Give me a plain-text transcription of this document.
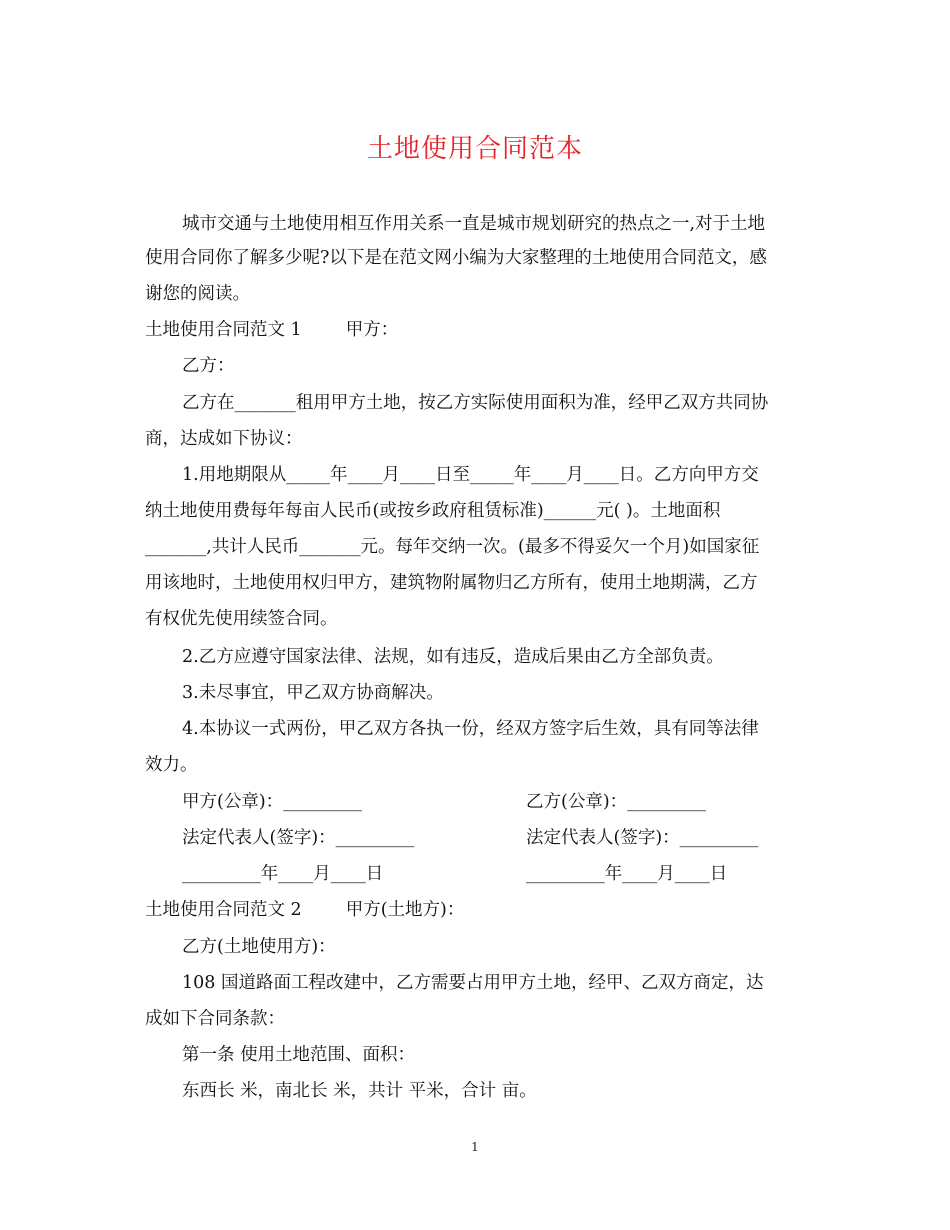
土地使用合同范本

城市交通与土地使用相互作用关系一直是城市规划研究的热点之一,对于土地

使用合同你了解多少呢?以下是在范文网小编为大家整理的土地使用合同范文，感

谢您的阅读。

土地使用合同范文 1	甲方：

乙方：

乙方在_______租用甲方土地，按乙方实际使用面积为准，经甲乙双方共同协

商，达成如下协议：

1.用地期限从_____年____月____日至_____年____月____日。乙方向甲方交

纳土地使用费每年每亩人民币(或按乡政府租赁标准)______元( )。土地面积

_______,共计人民币_______元。每年交纳一次。(最多不得妥欠一个月)如国家征

用该地时，土地使用权归甲方，建筑物附属物归乙方所有，使用土地期满，乙方

有权优先使用续签合同。

2.乙方应遵守国家法律、法规，如有违反，造成后果由乙方全部负责。

3.未尽事宜，甲乙双方协商解决。

4.本协议一式两份，甲乙双方各执一份，经双方签字后生效，具有同等法律

效力。

甲方(公章)：_________	乙方(公章)：_________

法定代表人(签字)：_________	法定代表人(签字)：_________

_________年____月____日	_________年____月____日

土地使用合同范文 2	甲方(土地方)：

乙方(土地使用方)：

108 国道路面工程改建中，乙方需要占用甲方土地，经甲、乙双方商定，达

成如下合同条款：

第一条 使用土地范围、面积：

东西长 米，南北长 米，共计 平米，合计 亩。

1
